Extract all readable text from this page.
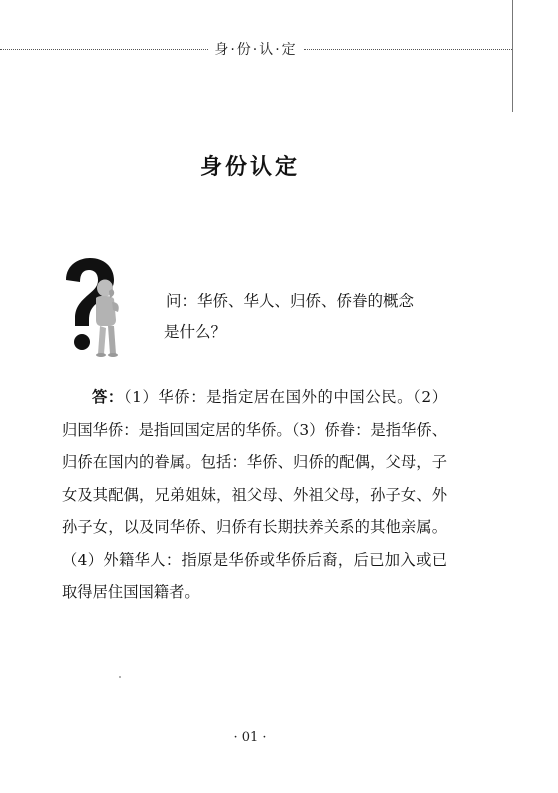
身·份·认·定
身份认定
问：华侨、华人、归侨、侨眷的概念
是什么？
答：（1）华侨：是指定居在国外的中国公民。（2）归国华侨：是指回国定居的华侨。（3）侨眷：是指华侨、归侨在国内的眷属。包括：华侨、归侨的配偶，父母，子女及其配偶，兄弟姐妹，祖父母、外祖父母，孙子女、外孙子女，以及同华侨、归侨有长期扶养关系的其他亲属。（4）外籍华人：指原是华侨或华侨后裔，后已加入或已取得居住国国籍者。
· 01 ·
